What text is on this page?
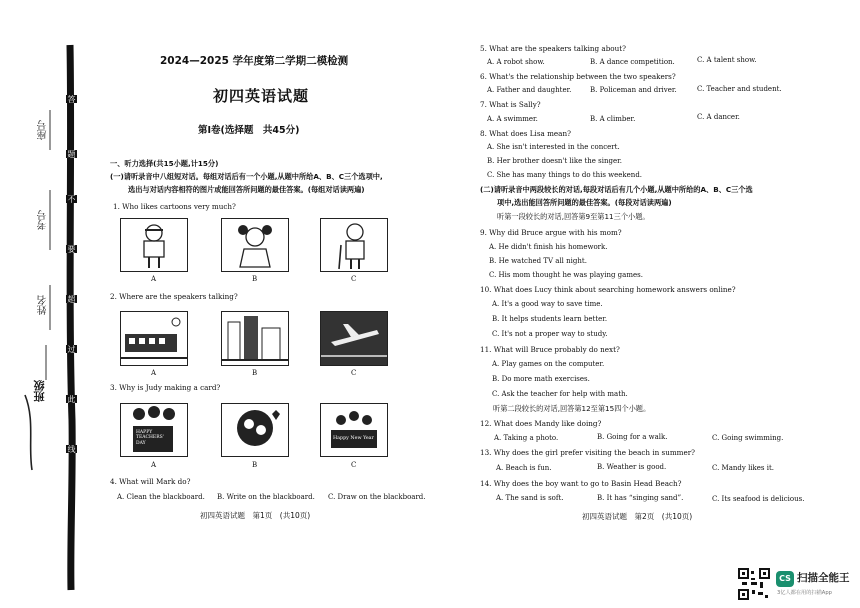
座号
考号
姓名
班级
答
题
不
要
超
过
此
线
2024—2025 学年度第二学期二模检测
初四英语试题
第Ⅰ卷(选择题　共45分)
一、听力选择(共15小题,计15分)
(一)请听录音中八组短对话。每组对话后有一个小题,从题中所给A、B、C三个选项中,
选出与对话内容相符的图片或能回答所问题的最佳答案。(每组对话读两遍)
1. Who likes cartoons very much?
A	B	C
2. Where are the speakers talking?
A	B	C
3. Why is Judy making a card?
HAPPY TEACHERS' DAY
Happy New Year
A	B	C
4. What will Mark do?
A. Clean the blackboard. B. Write on the blackboard. C. Draw on the blackboard.
初四英语试题　第1页　(共10页)
5. What are the speakers talking about?
A. A robot show.	B. A dance competition.	C. A talent show.
6. What's the relationship between the two speakers?
A. Father and daughter.	B. Policeman and driver.	C. Teacher and student.
7. What is Sally?
A. A swimmer.	B. A climber.	C. A dancer.
8. What does Lisa mean?
A. She isn't interested in the concert.
B. Her brother doesn't like the singer.
C. She has many things to do this weekend.
(二)请听录音中两段较长的对话,每段对话后有几个小题,从题中所给的A、B、C三个选
项中,选出能回答所问题的最佳答案。(每段对话读两遍)
听第一段较长的对话,回答第9至第11三个小题。
9. Why did Bruce argue with his mom?
A. He didn't finish his homework.
B. He watched TV all night.
C. His mom thought he was playing games.
10. What does Lucy think about searching homework answers online?
A. It's a good way to save time.
B. It helps students learn better.
C. It's not a proper way to study.
11. What will Bruce probably do next?
A. Play games on the computer.
B. Do more math exercises.
C. Ask the teacher for help with math.
听第二段较长的对话,回答第12至第15四个小题。
12. What does Mandy like doing?
A. Taking a photo.	B. Going for a walk.	C. Going swimming.
13. Why does the girl prefer visiting the beach in summer?
A. Beach is fun.	B. Weather is good.	C. Mandy likes it.
14. Why does the boy want to go to Basin Head Beach?
A. The sand is soft.	B. It has “singing sand”.	C. Its seafood is delicious.
初四英语试题　第2页　(共10页)
CS 扫描全能王
3亿人都在用的扫描App
